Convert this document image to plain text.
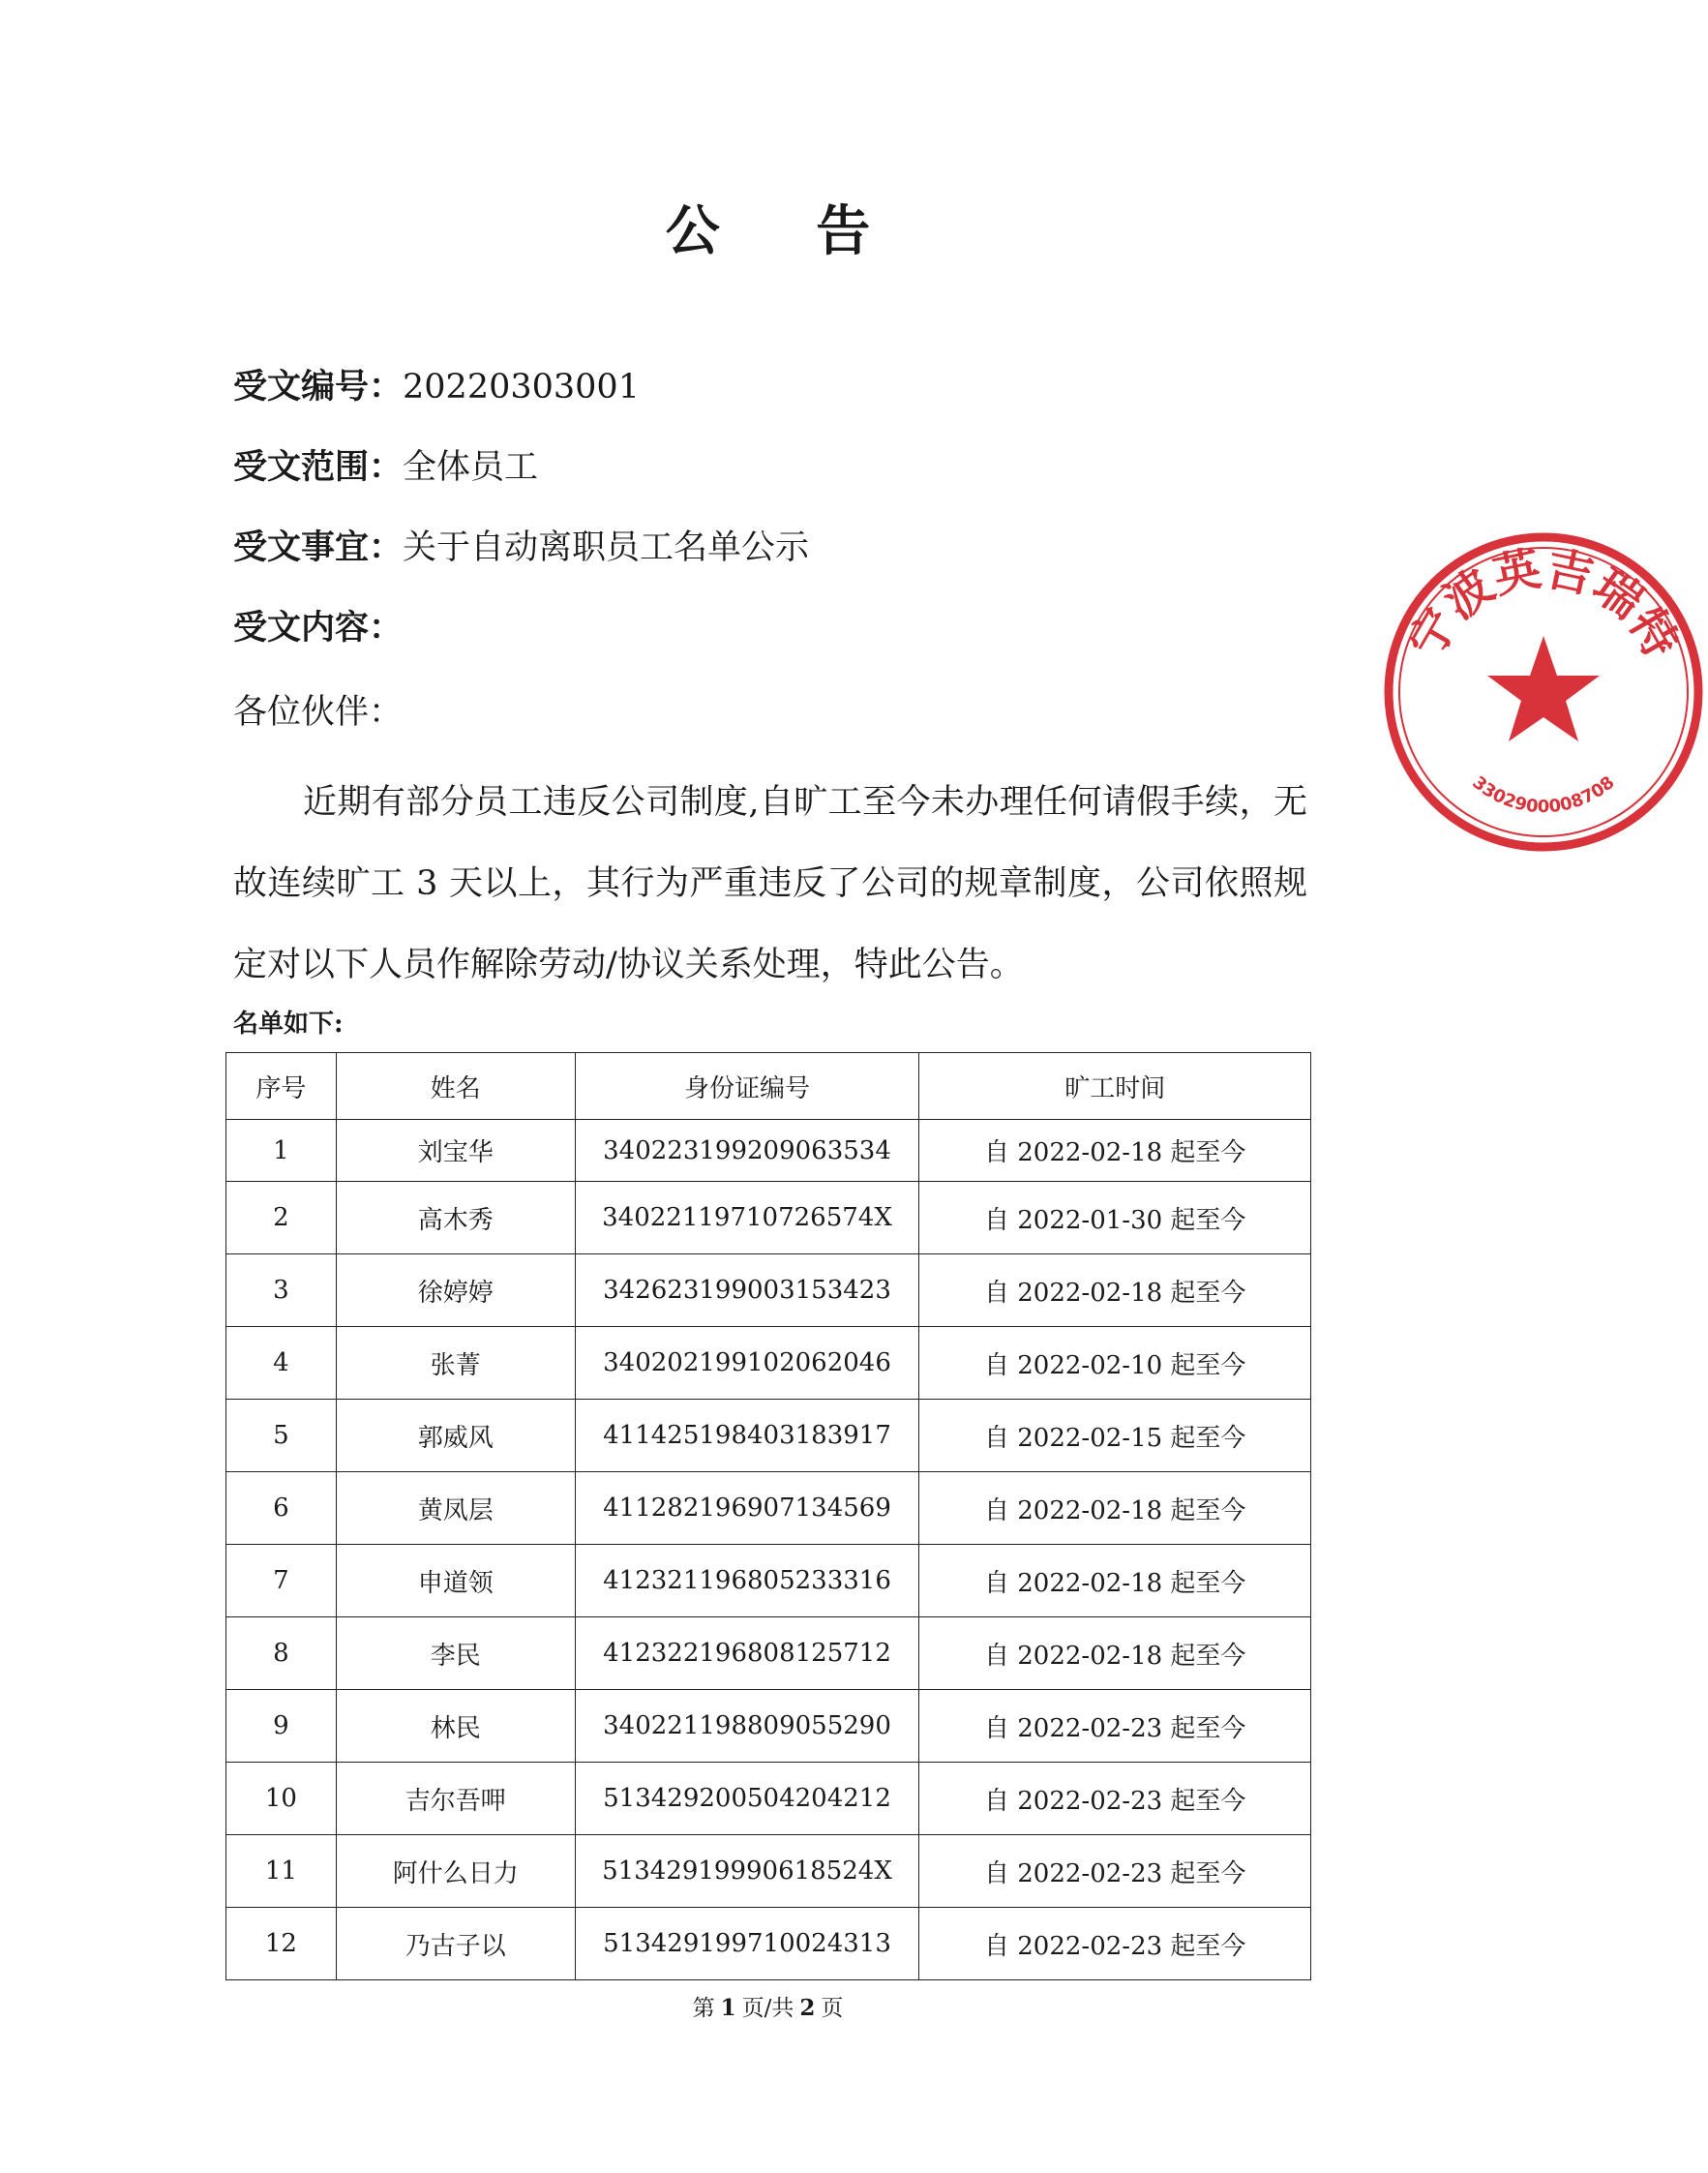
公 告
受文编号：20220303001
受文范围：全体员工
受文事宜：关于自动离职员工名单公示
受文内容：
各位伙伴：
近期有部分员工违反公司制度,自旷工至今未办理任何请假手续，无故连续旷工 3 天以上，其行为严重违反了公司的规章制度，公司依照规定对以下人员作解除劳动/协议关系处理，特此公告。
名单如下:
序号	姓名	身份证编号	旷工时间
1	刘宝华	340223199209063534	自 2022-02-18 起至今
2	高木秀	34022119710726574X	自 2022-01-30 起至今
3	徐婷婷	342623199003153423	自 2022-02-18 起至今
4	张菁	340202199102062046	自 2022-02-10 起至今
5	郭威风	411425198403183917	自 2022-02-15 起至今
6	黄凤层	411282196907134569	自 2022-02-18 起至今
7	申道领	412321196805233316	自 2022-02-18 起至今
8	李民	412322196808125712	自 2022-02-18 起至今
9	林民	340221198809055290	自 2022-02-23 起至今
10	吉尔吾呷	513429200504204212	自 2022-02-23 起至今
11	阿什么日力	51342919990618524X	自 2022-02-23 起至今
12	乃古子以	513429199710024313	自 2022-02-23 起至今
第 1 页/共 2 页
宁波英吉瑞特
3302900008708
